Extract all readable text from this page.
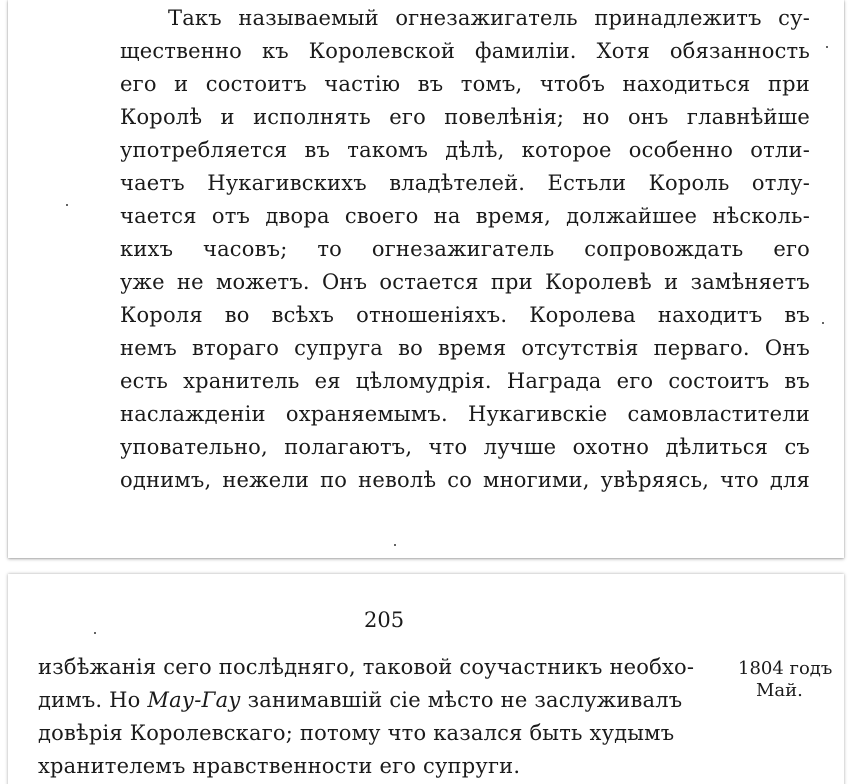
Такъ называемый огнезажигатель принадлежитъ су-
щественно къ Королевской фамиліи. Хотя обязанность
его и состоитъ частію въ томъ, чтобъ находиться при
Королѣ и исполнять его повелѣнія; но онъ главнѣйше
употребляется въ такомъ дѣлѣ, которое особенно отли-
чаетъ Нукагивскихъ владѣтелей. Естьли Король отлу-
чается отъ двора своего на время, должайшее нѣсколь-
кихъ часовъ; то огнезажигатель сопровождать его
уже не можетъ. Онъ остается при Королевѣ и замѣняетъ
Короля во всѣхъ отношеніяхъ. Королева находитъ въ
немъ втораго супруга во время отсутствія перваго. Онъ
есть хранитель ея цѣломудрія. Награда его состоитъ въ
наслажденіи охраняемымъ. Нукагивскіе самовластители
уповательно, полагаютъ, что лучше охотно дѣлиться съ
однимъ, нежели по неволѣ со многими, увѣряясь, что для
205
1804 годъ
Май.
избѣжанія сего послѣдняго, таковой соучастникъ необхо-
димъ. Но Мау-Гау занимавшій сіе мѣсто не заслуживалъ
довѣрія Королевскаго; потому что казался быть худымъ
хранителемъ нравственности его супруги.
